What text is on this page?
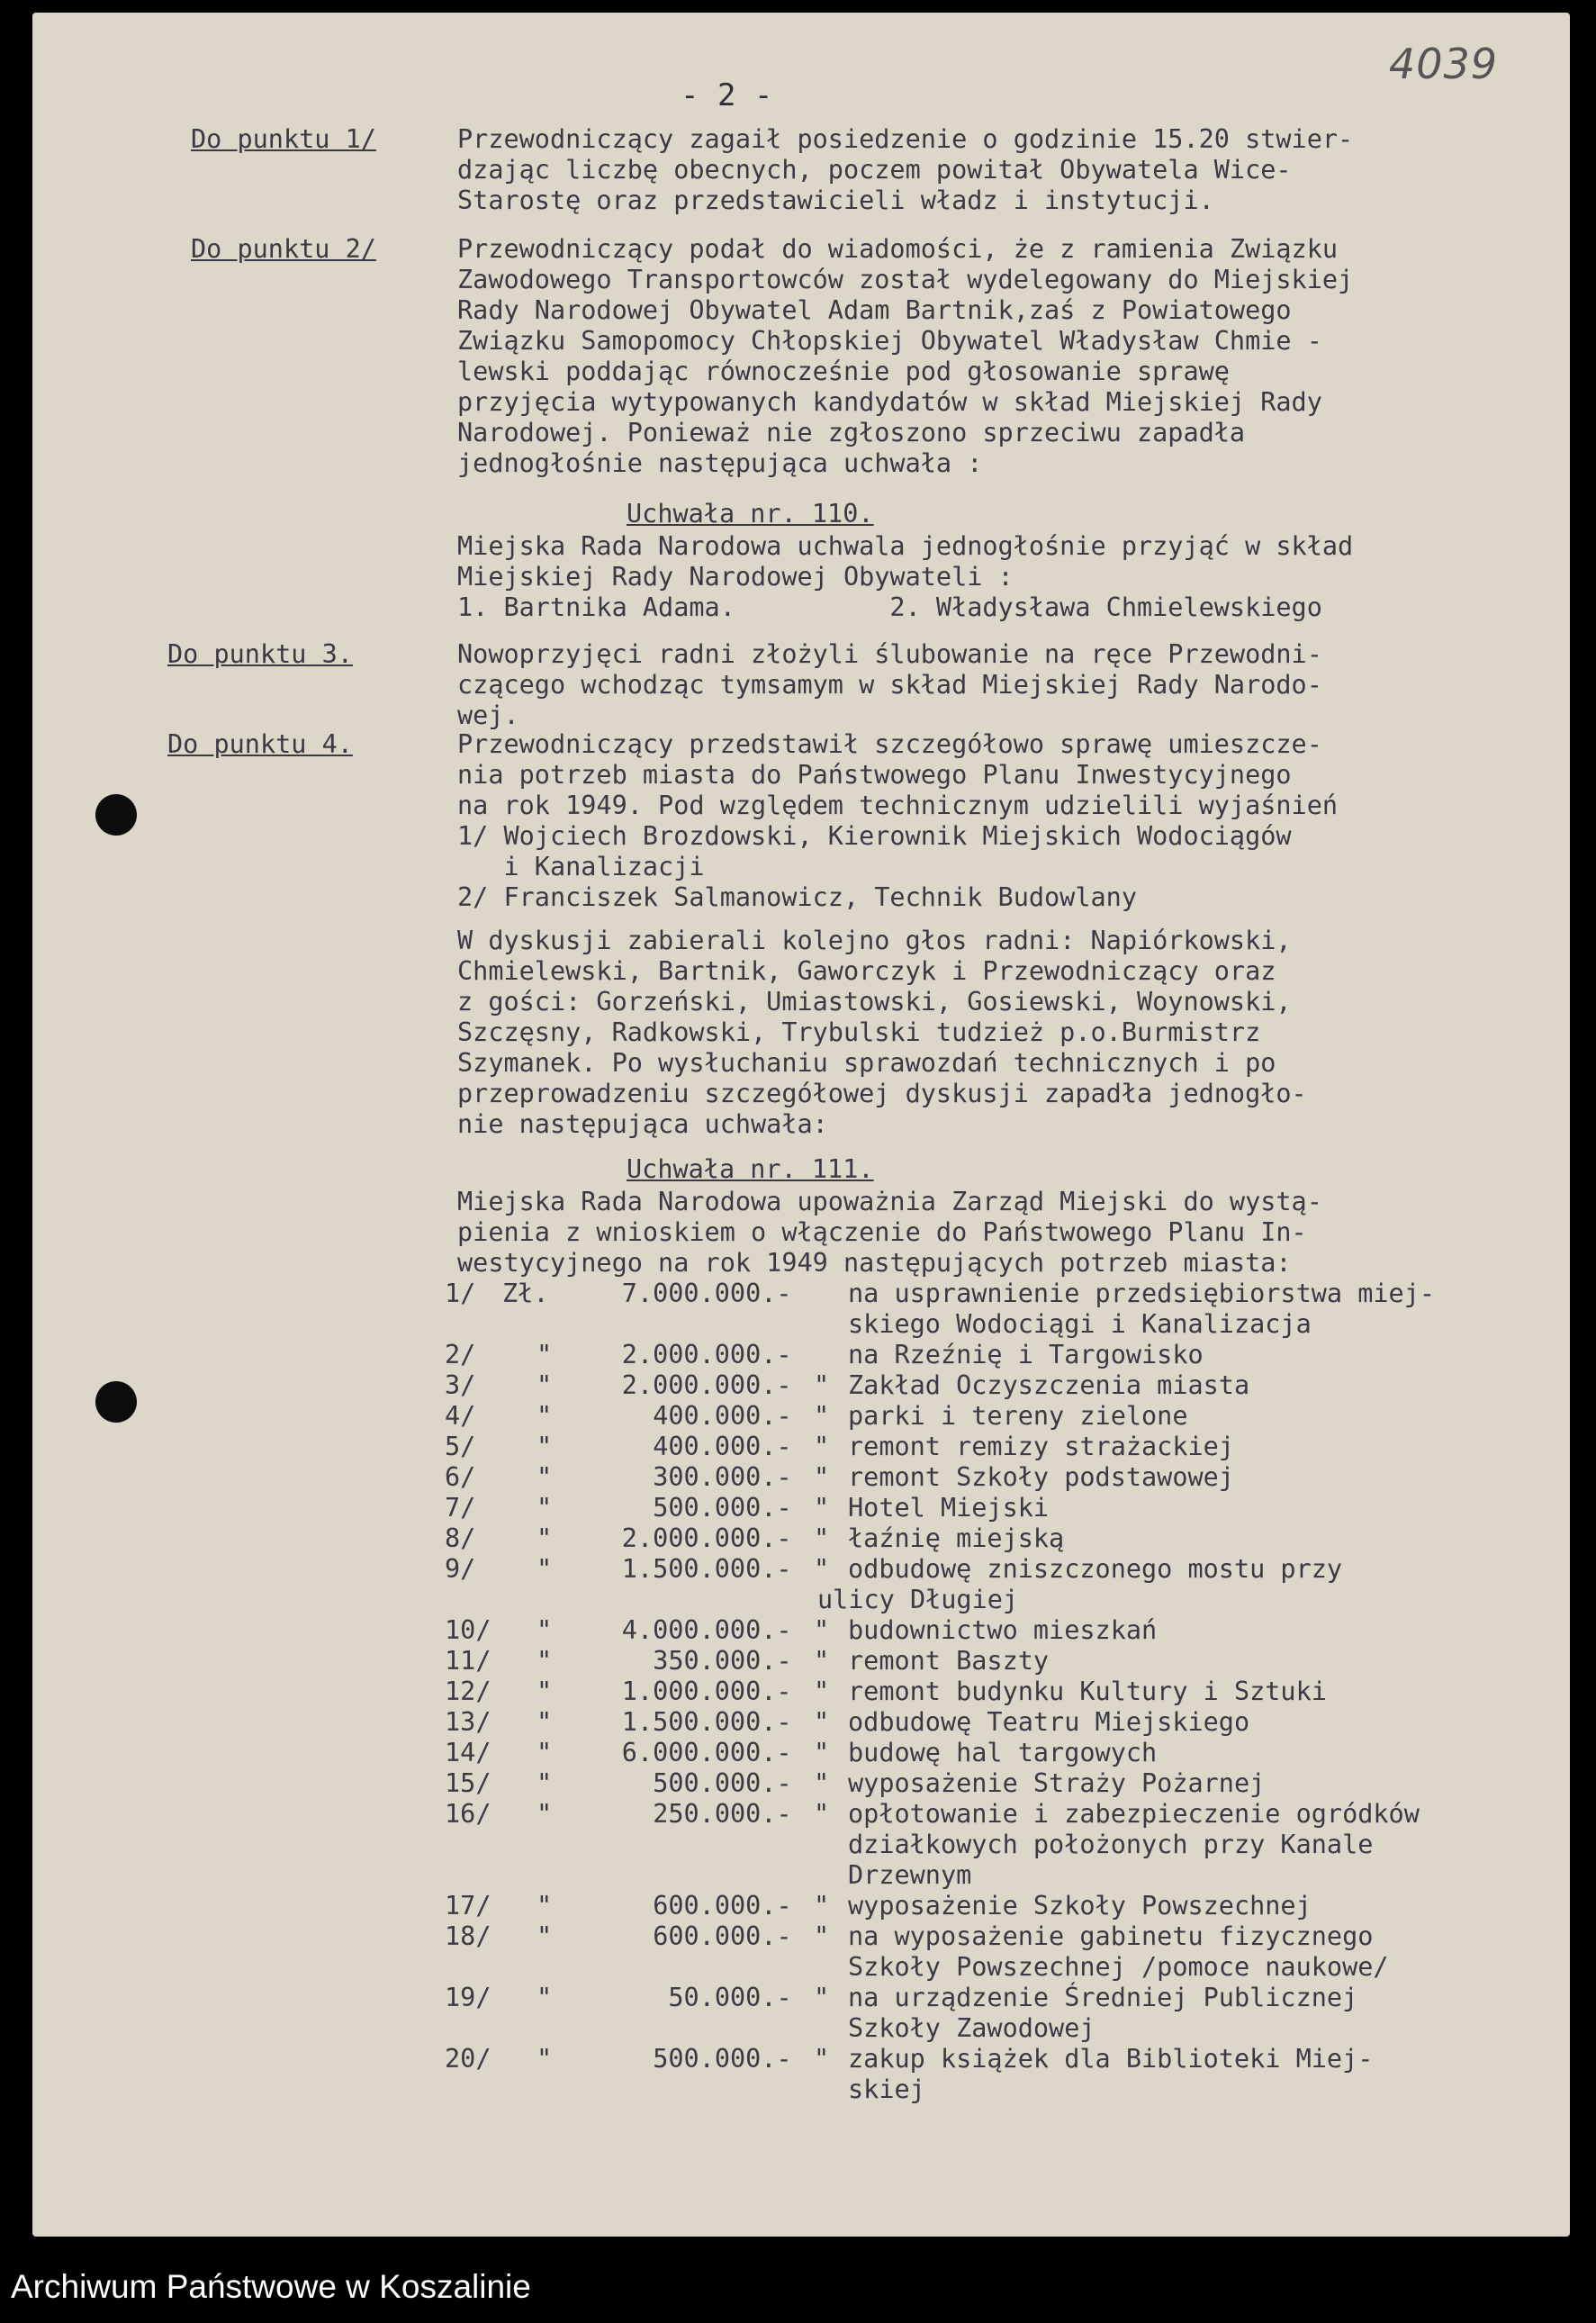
- 2 -
4039
Do punktu 1/	Przewodniczący zagaił posiedzenie o godzinie 15.20 stwier-
dzając liczbę obecnych, poczem powitał Obywatela Wice-
Starostę oraz przedstawicieli władz i instytucji.
Do punktu 2/	Przewodniczący podał do wiadomości, że z ramienia Związku
Zawodowego Transportowców został wydelegowany do Miejskiej
Rady Narodowej Obywatel Adam Bartnik,zaś z Powiatowego
Związku Samopomocy Chłopskiej Obywatel Władysław Chmie -
lewski poddając równocześnie pod głosowanie sprawę
przyjęcia wytypowanych kandydatów w skład Miejskiej Rady
Narodowej. Ponieważ nie zgłoszono sprzeciwu zapadła
jednogłośnie następująca uchwała :
Uchwała nr. 110.
Miejska Rada Narodowa uchwala jednogłośnie przyjąć w skład
Miejskiej Rady Narodowej Obywateli :
1. Bartnika Adama.          2. Władysława Chmielewskiego
Do punktu 3.	Nowoprzyjęci radni złożyli ślubowanie na ręce Przewodni-
czącego wchodząc tymsamym w skład Miejskiej Rady Narodo-
wej.
Do punktu 4.	Przewodniczący przedstawił szczegółowo sprawę umieszcze-
nia potrzeb miasta do Państwowego Planu Inwestycyjnego
na rok 1949. Pod względem technicznym udzielili wyjaśnień
1/ Wojciech Brozdowski, Kierownik Miejskich Wodociągów
i Kanalizacji
2/ Franciszek Salmanowicz, Technik Budowlany
W dyskusji zabierali kolejno głos radni: Napiórkowski,
Chmielewski, Bartnik, Gaworczyk i Przewodniczący oraz
z gości: Gorzeński, Umiastowski, Gosiewski, Woynowski,
Szczęsny, Radkowski, Trybulski tudzież p.o.Burmistrz
Szymanek. Po wysłuchaniu sprawozdań technicznych i po
przeprowadzeniu szczegółowej dyskusji zapadła jednogło-
nie następująca uchwała:
Uchwała nr. 111.
Miejska Rada Narodowa upoważnia Zarząd Miejski do wystą-
pienia z wnioskiem o włączenie do Państwowego Planu In-
westycyjnego na rok 1949 następujących potrzeb miasta:
1/ Zł.	7.000.000.- na usprawnienie przedsiębiorstwa miej-
skiego Wodociągi i Kanalizacja
2/ "	2.000.000.- na Rzeźnię i Targowisko
3/ "	2.000.000.- " Zakład Oczyszczenia miasta
4/ "	400.000.- " parki i tereny zielone
5/ "	400.000.- " remont remizy strażackiej
6/ "	300.000.- " remont Szkoły podstawowej
7/ "	500.000.- " Hotel Miejski
8/ "	2.000.000.- " łaźnię miejską
9/ "	1.500.000.- " odbudowę zniszczonego mostu przy
ulicy Długiej
10/ "	4.000.000.- " budownictwo mieszkań
11/ "	350.000.- " remont Baszty
12/ "	1.000.000.- " remont budynku Kultury i Sztuki
13/ "	1.500.000.- " odbudowę Teatru Miejskiego
14/ "	6.000.000.- " budowę hal targowych
15/ "	500.000.- " wyposażenie Straży Pożarnej
16/ "	250.000.- " opłotowanie i zabezpieczenie ogródków
działkowych położonych przy Kanale
Drzewnym
17/ "	600.000.- " wyposażenie Szkoły Powszechnej
18/ "	600.000.- " na wyposażenie gabinetu fizycznego
Szkoły Powszechnej /pomoce naukowe/
19/ "	50.000.- " na urządzenie Średniej Publicznej
Szkoły Zawodowej
20/ "	500.000.- " zakup książek dla Biblioteki Miej-
skiej
Archiwum Państwowe w Koszalinie
